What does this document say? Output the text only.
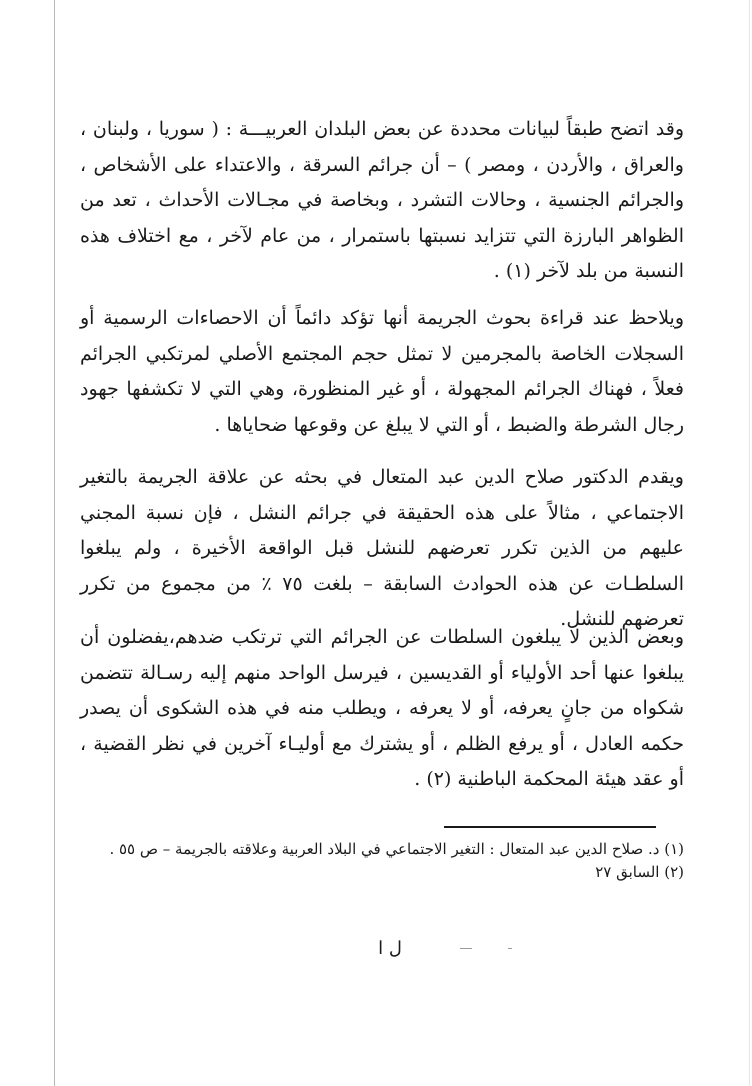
وقد اتضح طبقاً لبيانات محددة عن بعض البلدان العربيـــة : ( سوريا ، ولبنان ، والعراق ، والأردن ، ومصر ) – أن جرائم السرقة ، والاعتداء على الأشخاص ، والجرائم الجنسية ، وحالات التشرد ، وبخاصة في مجـالات الأحداث ، تعد من الظواهر البارزة التي تتزايد نسبتها باستمرار ، من عام لآخر ، مع اختلاف هذه النسبة من بلد لآخر (١) .
ويلاحظ عند قراءة بحوث الجريمة أنها تؤكد دائماً أن الاحصاءات الرسمية أو السجلات الخاصة بالمجرمين لا تمثل حجم المجتمع الأصلي لمرتكبي الجرائم فعلاً ، فهناك الجرائم المجهولة ، أو غير المنظورة، وهي التي لا تكشفها جهود رجال الشرطة والضبط ، أو التي لا يبلغ عن وقوعها ضحاياها .
ويقدم الدكتور صلاح الدين عبد المتعال في بحثه عن علاقة الجريمة بالتغير الاجتماعي ، مثالاً على هذه الحقيقة في جرائم النشل ، فإن نسبة المجني عليهم من الذين تكرر تعرضهم للنشل قبل الواقعة الأخيرة ، ولم يبلغوا السلطـات عن هذه الحوادث السابقة – بلغت ٧٥ ٪ من مجموع من تكرر تعرضهم للنشل.
وبعض الذين لا يبلغون السلطات عن الجرائم التي ترتكب ضدهم،يفضلون أن يبلغوا عنها أحد الأولياء أو القديسين ، فيرسل الواحد منهم إليه رسـالة تتضمن شكواه من جانٍ يعرفه، أو لا يعرفه ، ويطلب منه في هذه الشكوى أن يصدر حكمه العادل ، أو يرفع الظلم ، أو يشترك مع أوليـاء آخرين في نظر القضية ، أو عقد هيئة المحكمة الباطنية (٢) .
(١) د. صلاح الدين عبد المتعال : التغير الاجتماعي في البلاد العربية وعلاقته بالجريمة – ص ٥٥ .
(٢) السابق ٢٧
ل ا
